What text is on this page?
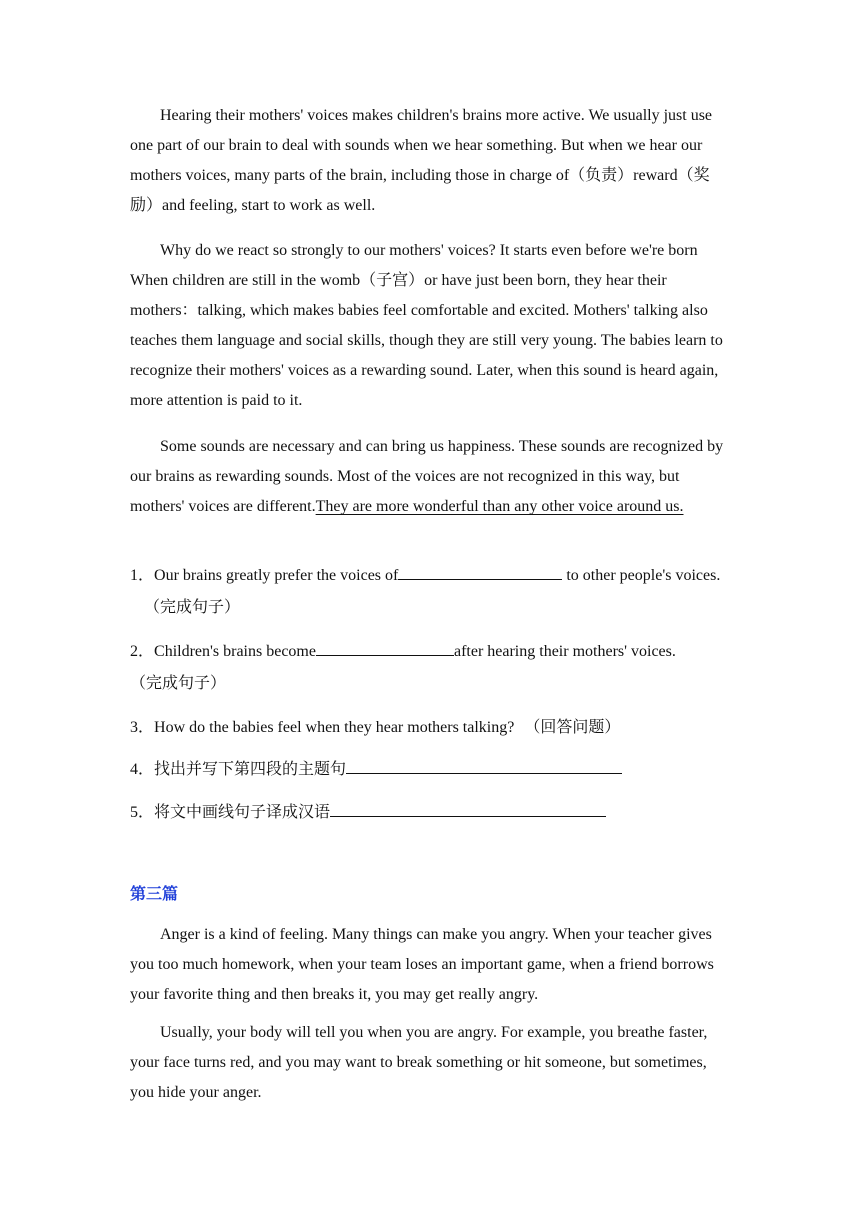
Hearing their mothers' voices makes children's brains more active. We usually just use one part of our brain to deal with sounds when we hear something. But when we hear our mothers voices, many parts of the brain, including those in charge of（负责）reward（奖励）and feeling, start to work as well.

Why do we react so strongly to our mothers' voices? It starts even before we're born When children are still in the womb（子宫）or have just been born, they hear their mothers：talking, which makes babies feel comfortable and excited. Mothers' talking also teaches them language and social skills, though they are still very young. The babies learn to recognize their mothers' voices as a rewarding sound. Later, when this sound is heard again, more attention is paid to it.

Some sounds are necessary and can bring us happiness. These sounds are recognized by our brains as rewarding sounds. Most of the voices are not recognized in this way, but mothers' voices are different.They are more wonderful than any other voice around us.

1．Our brains greatly prefer the voices of	to other people's voices. （完成句子）

2．Children's brains become	after hearing their mothers' voices.
（完成句子）

3．How do the babies feel when they hear mothers talking? （回答问题）

4．找出并写下第四段的主题句

5．将文中画线句子译成汉语

第三篇

Anger is a kind of feeling. Many things can make you angry. When your teacher gives you too much homework, when your team loses an important game, when a friend borrows your favorite thing and then breaks it, you may get really angry.

Usually, your body will tell you when you are angry. For example, you breathe faster, your face turns red, and you may want to break something or hit someone, but sometimes, you hide your anger.
